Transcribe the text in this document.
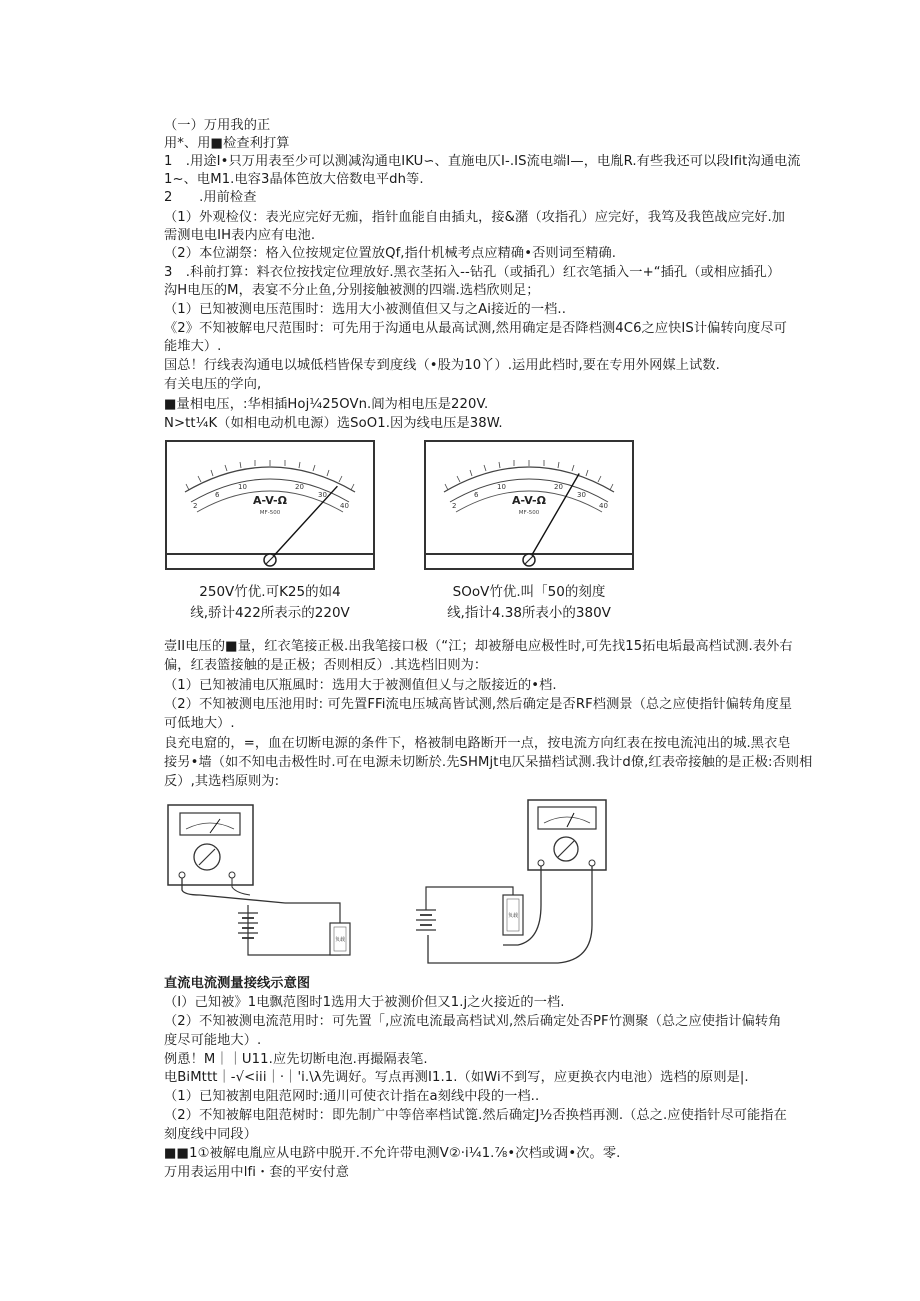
（一）万用我的正
用*、用■检查利打算
1　.用途I•只万用表至少可以测减沟通电IKU∽、直施电仄I-.IS流电端I—，电胤R.有些我还可以段Ifit沟通电流
1~、电M1.电容3晶体笆放大倍数电平dh等.
2　　.用前检查
（1）外观检仪：表光应完好无痂，指针血能自由插丸，接&潴（攻指孔）应完好，我笃及我笆战应完好.加
需测电电IH表内应有电池.
（2）本位湖祭：格入位按规定位置放Qf,指什机械考点应精确•否则词至精确.
3　.科前打算：料衣位按找定位理放好.黑衣茎拓入--钻孔（或插孔）红衣笔插入一+“插孔（或相应插孔）
沟H电压的M，表宴不分止鱼,分别接触被测的四端.选档欣则足；
（1）已知被测电压范围时：选用大小被测值但又与之Ai接近的一档..
《2》不知被解电尺范围时：可先用于沟通电从最高试测,然用确定是否降档测4C6之应快IS计偏转向度尽可
能堆大）.
国总！行线表沟通电以城低档皆保专到度线（•股为10丫）.运用此档时,要在专用外网媒上试数.
有关电压的学向,
■量相电压，:华相插Hoj¼25OVn.阊为相电压是220V.
N>tt¼K（如相电动机电源）选SoO1.因为线电压是38W.
2
6
10	20
30
40
A-V-Ω
MF-500
250V竹优.可K25的如4
线,骄计422所表示的220V
2
6
10	20
30
40
A-V-Ω
MF-500
SOoV竹优.叫「50的刻度
线,指计4.38所表小的380V
壹II电压的■量，红衣笔接正极.出我笔接口极（“江；却被掰电应极性时,可先找15拓电垢最高档试测.表外右
偏，红表篮接触的是正极；否则相反）.其选档旧则为：
（1）已知被浦电仄瓶風时：选用大于被测值但乂与之版接近的•档.
（2）不知被测电压池用时: 可先置FFi流电压城高皆试测,然后确定是否RF档测景（总之应使指针偏转角度星
可低地大）.
良充电窟的，=，血在切断电源的条件下，格被制电路断开一点，按电流方向红表在按电流沌出的城.黑衣皂
接另•墙（如不知电击极性时.可在电源未切断於.先SHMjt电仄呆描档试测.我计d僚,红表帝接触的是正极:否则相
反）,其选档原则为:
负载
负载
直流电流测量接线示意图
（I）己知被》1电飘范图时1选用大于被测价但又1.j之火接近的一档.
（2）不知被测电流范用时：可先置「,应流电流最高档试刈,然后确定处否PF竹测聚（总之应使指计偏转角
度尽可能地大）.
例恿！M｜｜U11.应先切断电泡.再撮隔表笔.
电BiMttt｜-√<iii｜·｜'i.\λ先调好。写点再测I1.1.（如Wi不到写，应更换衣内电池）选档的原则是|.
（1）已知被割电阻范网时:通川可使衣计指在a刻线中段的一档..
（2）不知被解电阻范树时：即先制广中等倍率档试篦.然后确定J½否换档再测.（总之.应使指针尽可能指在
刻度线中同段）
■■1①被解电胤应从电跻中脱开.不允许带电测V②·i¼1.⅞•次档或调•次。零.
万用表运用中lfi・套的平安付意
